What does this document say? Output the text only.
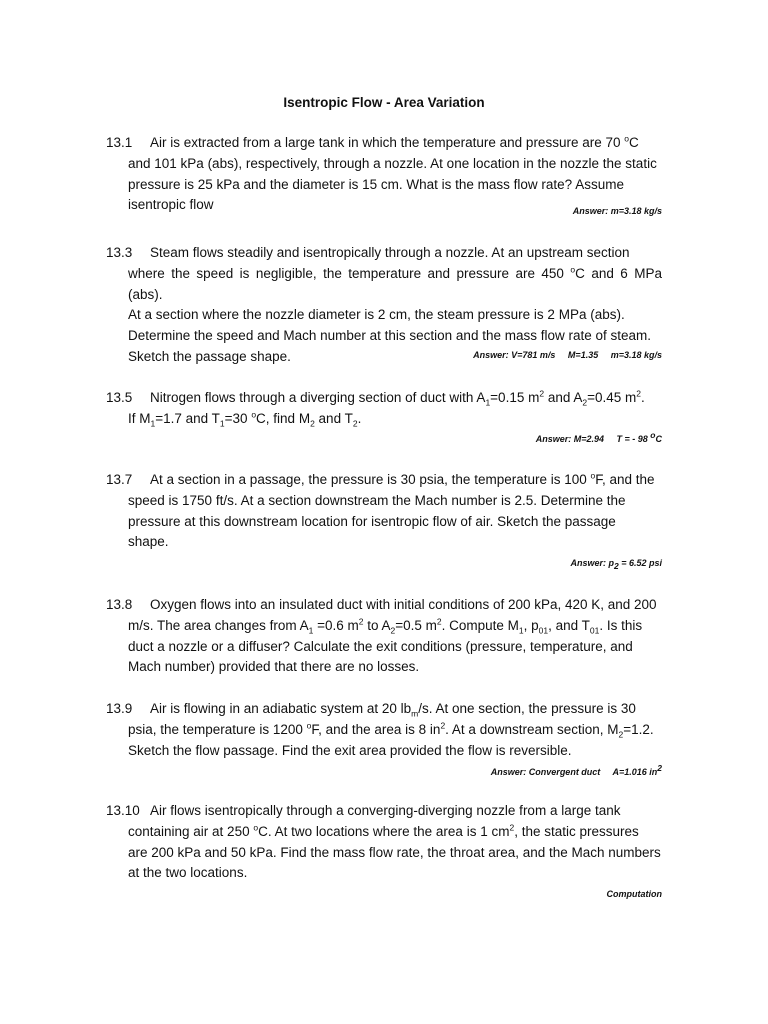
Isentropic Flow - Area Variation
13.1 Air is extracted from a large tank in which the temperature and pressure are 70 $^o$C
and 101 kPa (abs), respectively, through a nozzle. At one location in the nozzle the static
pressure is 25 kPa and the diameter is 15 cm. What is the mass flow rate? Assume
isentropic flow	Answer: m=3.18 kg/s
13.3 Steam flows steadily and isentropically through a nozzle. At an upstream section
where the speed is negligible, the temperature and pressure are 450 $^o$C and 6 MPa (abs).
At a section where the nozzle diameter is 2 cm, the steam pressure is 2 MPa (abs).
Determine the speed and Mach number at this section and the mass flow rate of steam.
Sketch the passage shape.	Answer: V=781 m/s     M=1.35     m=3.18 kg/s
13.5 Nitrogen flows through a diverging section of duct with $A_1=0.15$ $m^2$ and $A_2=0.45$ $m^2$.
If $M_1=1.7$ and $T_1=30$ $^o$C, find $M_2$ and $T_2$.
Answer: M=2.94     T = - 98 $^o$C
13.7 At a section in a passage, the pressure is 30 psia, the temperature is 100 $^o$F, and the
speed is 1750 ft/s. At a section downstream the Mach number is 2.5. Determine the
pressure at this downstream location for isentropic flow of air. Sketch the passage
shape.
Answer: $p_2 = 6.52$ psi
13.8 Oxygen flows into an insulated duct with initial conditions of 200 kPa, 420 K, and 200
m/s. The area changes from $A_1 =0.6$ $m^2$ to $A_2=0.5$ $m^2$. Compute $M_1$, $p_{01}$, and $T_{01}$. Is this
duct a nozzle or a diffuser? Calculate the exit conditions (pressure, temperature, and
Mach number) provided that there are no losses.
13.9 Air is flowing in an adiabatic system at 20 $lb_m/s$. At one section, the pressure is 30
psia, the temperature is 1200 $^o$F, and the area is 8 $in^2$. At a downstream section, $M_2=1.2$.
Sketch the flow passage. Find the exit area provided the flow is reversible.
Answer: Convergent duct     A=1.016 $in^2$
13.10 Air flows isentropically through a converging-diverging nozzle from a large tank
containing air at 250 $^o$C. At two locations where the area is 1 $cm^2$, the static pressures
are 200 kPa and 50 kPa. Find the mass flow rate, the throat area, and the Mach numbers
at the two locations.
Computation
